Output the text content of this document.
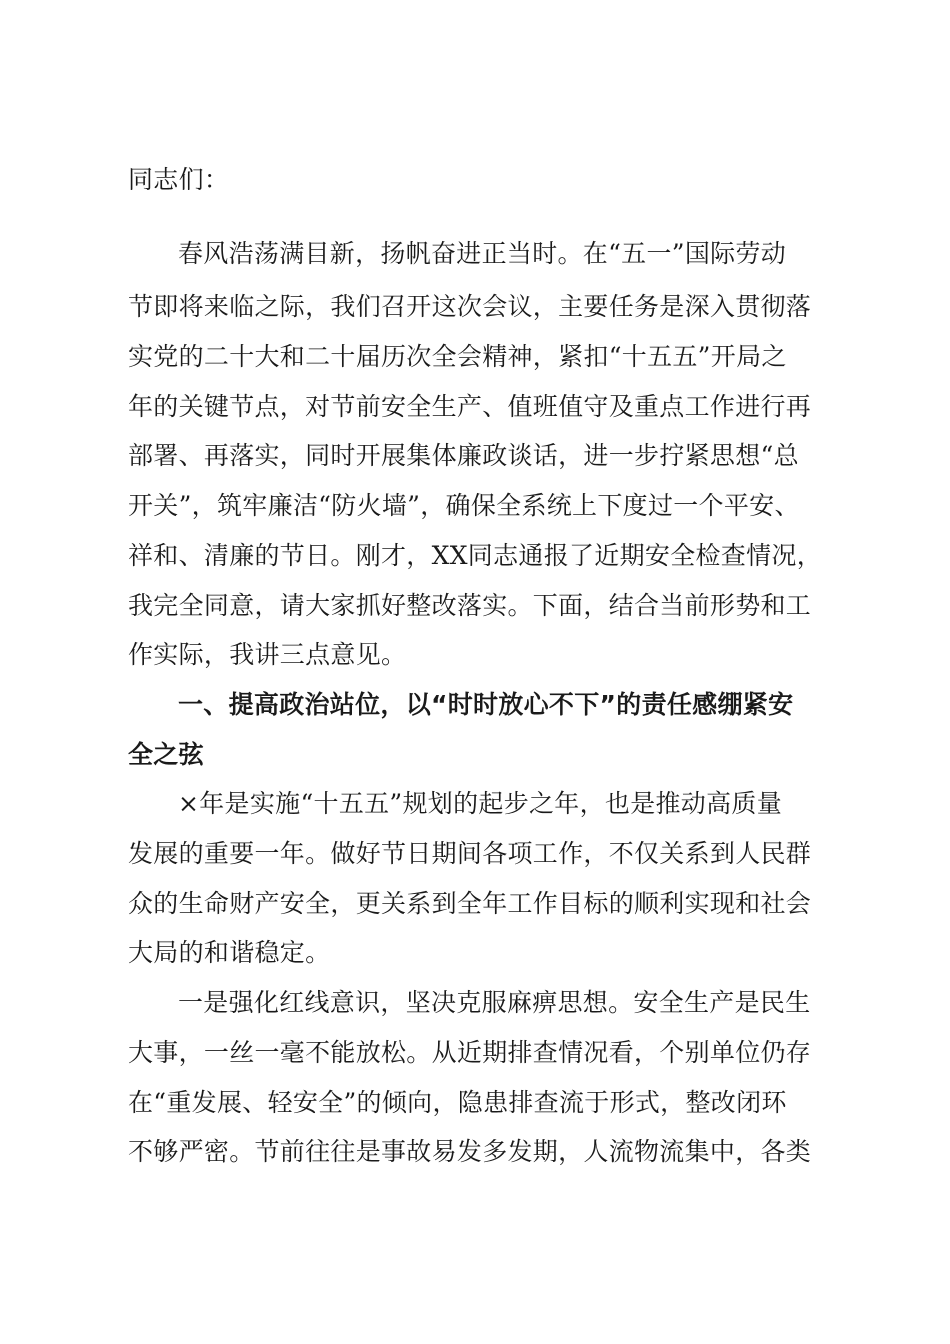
同志们：
春风浩荡满目新，扬帆奋进正当时。在“五一”国际劳动
节即将来临之际，我们召开这次会议，主要任务是深入贯彻落
实党的二十大和二十届历次全会精神，紧扣“十五五”开局之
年的关键节点，对节前安全生产、值班值守及重点工作进行再
部署、再落实，同时开展集体廉政谈话，进一步拧紧思想“总
开关”，筑牢廉洁“防火墙”，确保全系统上下度过一个平安、
祥和、清廉的节日。刚才，XX同志通报了近期安全检查情况，
我完全同意，请大家抓好整改落实。下面，结合当前形势和工
作实际，我讲三点意见。
一、提高政治站位，以“时时放心不下”的责任感绷紧安
全之弦
×年是实施“十五五”规划的起步之年，也是推动高质量
发展的重要一年。做好节日期间各项工作，不仅关系到人民群
众的生命财产安全，更关系到全年工作目标的顺利实现和社会
大局的和谐稳定。
一是强化红线意识，坚决克服麻痹思想。安全生产是民生
大事，一丝一毫不能放松。从近期排查情况看，个别单位仍存
在“重发展、轻安全”的倾向，隐患排查流于形式，整改闭环
不够严密。节前往往是事故易发多发期，人流物流集中，各类
